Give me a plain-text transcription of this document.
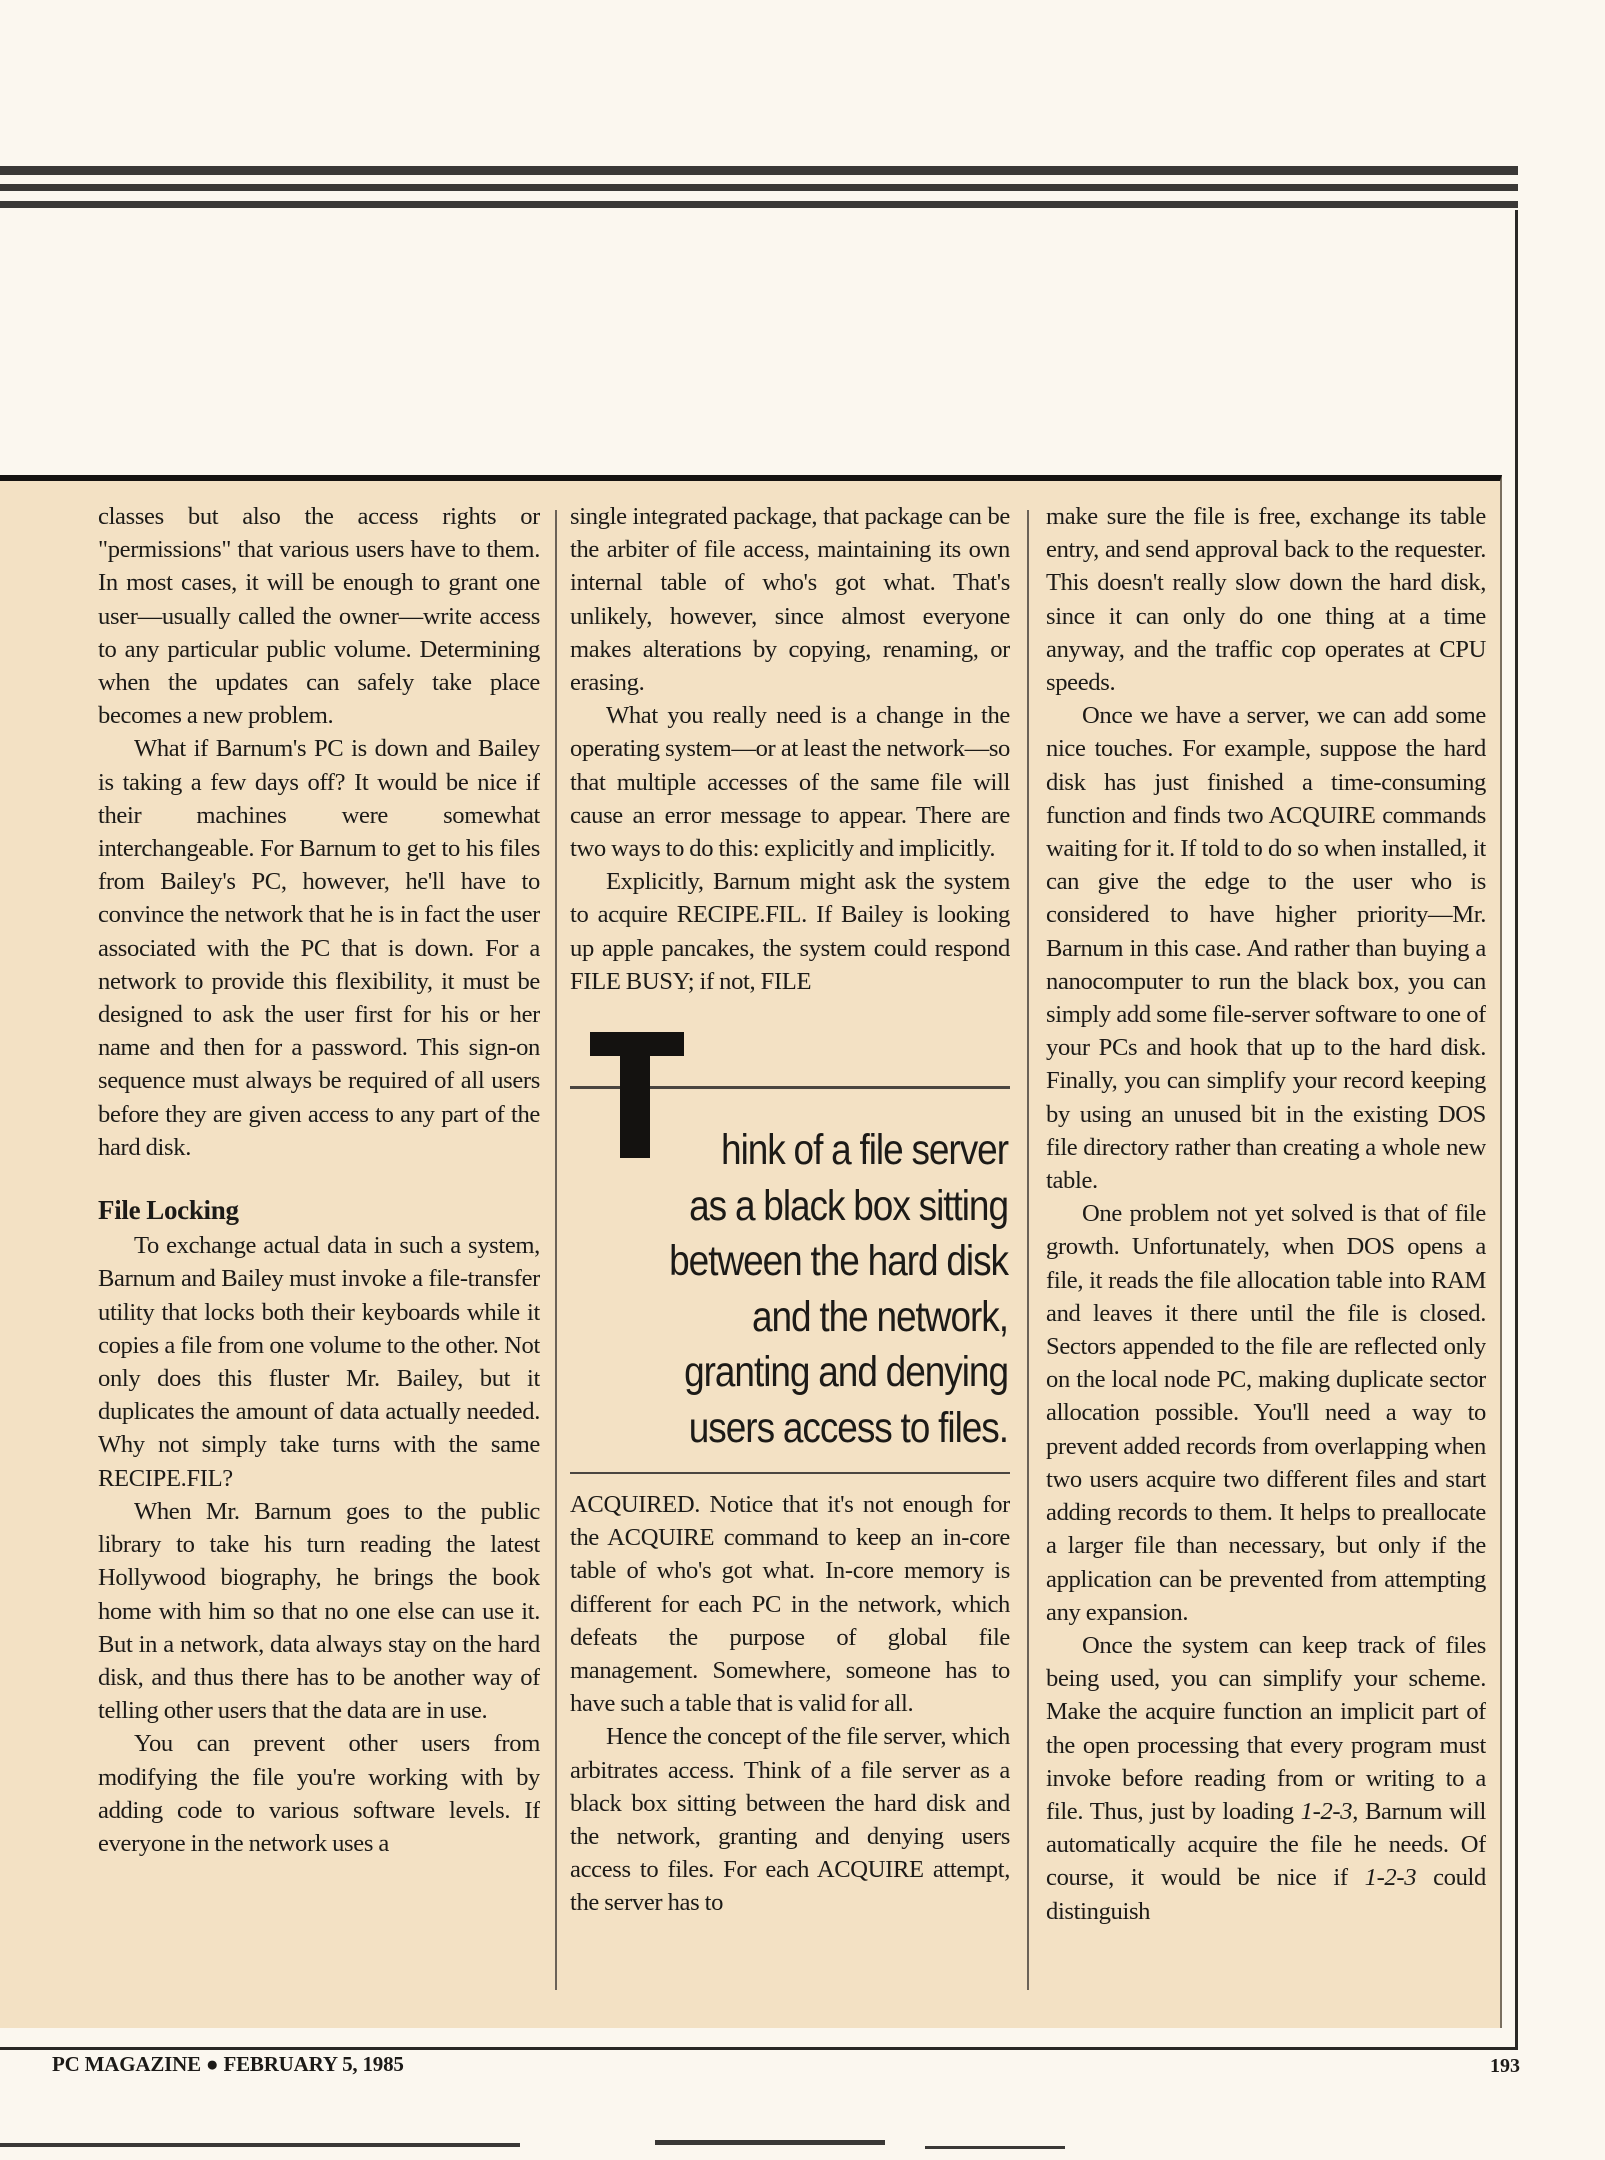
classes but also the access rights or "permissions" that various users have to them. In most cases, it will be enough to grant one user—usually called the owner—write access to any particular public volume. Determining when the updates can safely take place becomes a new problem.

What if Barnum's PC is down and Bailey is taking a few days off? It would be nice if their machines were somewhat interchangeable. For Barnum to get to his files from Bailey's PC, however, he'll have to convince the network that he is in fact the user associated with the PC that is down. For a network to provide this flexibility, it must be designed to ask the user first for his or her name and then for a password. This sign-on sequence must always be required of all users before they are given access to any part of the hard disk.

File Locking

To exchange actual data in such a system, Barnum and Bailey must invoke a file-transfer utility that locks both their keyboards while it copies a file from one volume to the other. Not only does this fluster Mr. Bailey, but it duplicates the amount of data actually needed. Why not simply take turns with the same RECIPE.FIL?

When Mr. Barnum goes to the public library to take his turn reading the latest Hollywood biography, he brings the book home with him so that no one else can use it. But in a network, data always stay on the hard disk, and thus there has to be another way of telling other users that the data are in use.

You can prevent other users from modifying the file you're working with by adding code to various software levels. If everyone in the network uses a

single integrated package, that package can be the arbiter of file access, maintaining its own internal table of who's got what. That's unlikely, however, since almost everyone makes alterations by copying, renaming, or erasing.

What you really need is a change in the operating system—or at least the network—so that multiple accesses of the same file will cause an error message to appear. There are two ways to do this: explicitly and implicitly.

Explicitly, Barnum might ask the system to acquire RECIPE.FIL. If Bailey is looking up apple pancakes, the system could respond FILE BUSY; if not, FILE

hink of a file server
as a black box sitting
between the hard disk
and the network,
granting and denying
users access to files.

ACQUIRED. Notice that it's not enough for the ACQUIRE command to keep an in-core table of who's got what. In-core memory is different for each PC in the network, which defeats the purpose of global file management. Somewhere, someone has to have such a table that is valid for all.

Hence the concept of the file server, which arbitrates access. Think of a file server as a black box sitting between the hard disk and the network, granting and denying users access to files. For each ACQUIRE attempt, the server has to

make sure the file is free, exchange its table entry, and send approval back to the requester. This doesn't really slow down the hard disk, since it can only do one thing at a time anyway, and the traffic cop operates at CPU speeds.

Once we have a server, we can add some nice touches. For example, suppose the hard disk has just finished a time-consuming function and finds two ACQUIRE commands waiting for it. If told to do so when installed, it can give the edge to the user who is considered to have higher priority—Mr. Barnum in this case. And rather than buying a nanocomputer to run the black box, you can simply add some file-server software to one of your PCs and hook that up to the hard disk. Finally, you can simplify your record keeping by using an unused bit in the existing DOS file directory rather than creating a whole new table.

One problem not yet solved is that of file growth. Unfortunately, when DOS opens a file, it reads the file allocation table into RAM and leaves it there until the file is closed. Sectors appended to the file are reflected only on the local node PC, making duplicate sector allocation possible. You'll need a way to prevent added records from overlapping when two users acquire two different files and start adding records to them. It helps to preallocate a larger file than necessary, but only if the application can be prevented from attempting any expansion.

Once the system can keep track of files being used, you can simplify your scheme. Make the acquire function an implicit part of the open processing that every program must invoke before reading from or writing to a file. Thus, just by loading 1-2-3, Barnum will automatically acquire the file he needs. Of course, it would be nice if 1-2-3 could distinguish

PC MAGAZINE ● FEBRUARY 5, 1985	193
